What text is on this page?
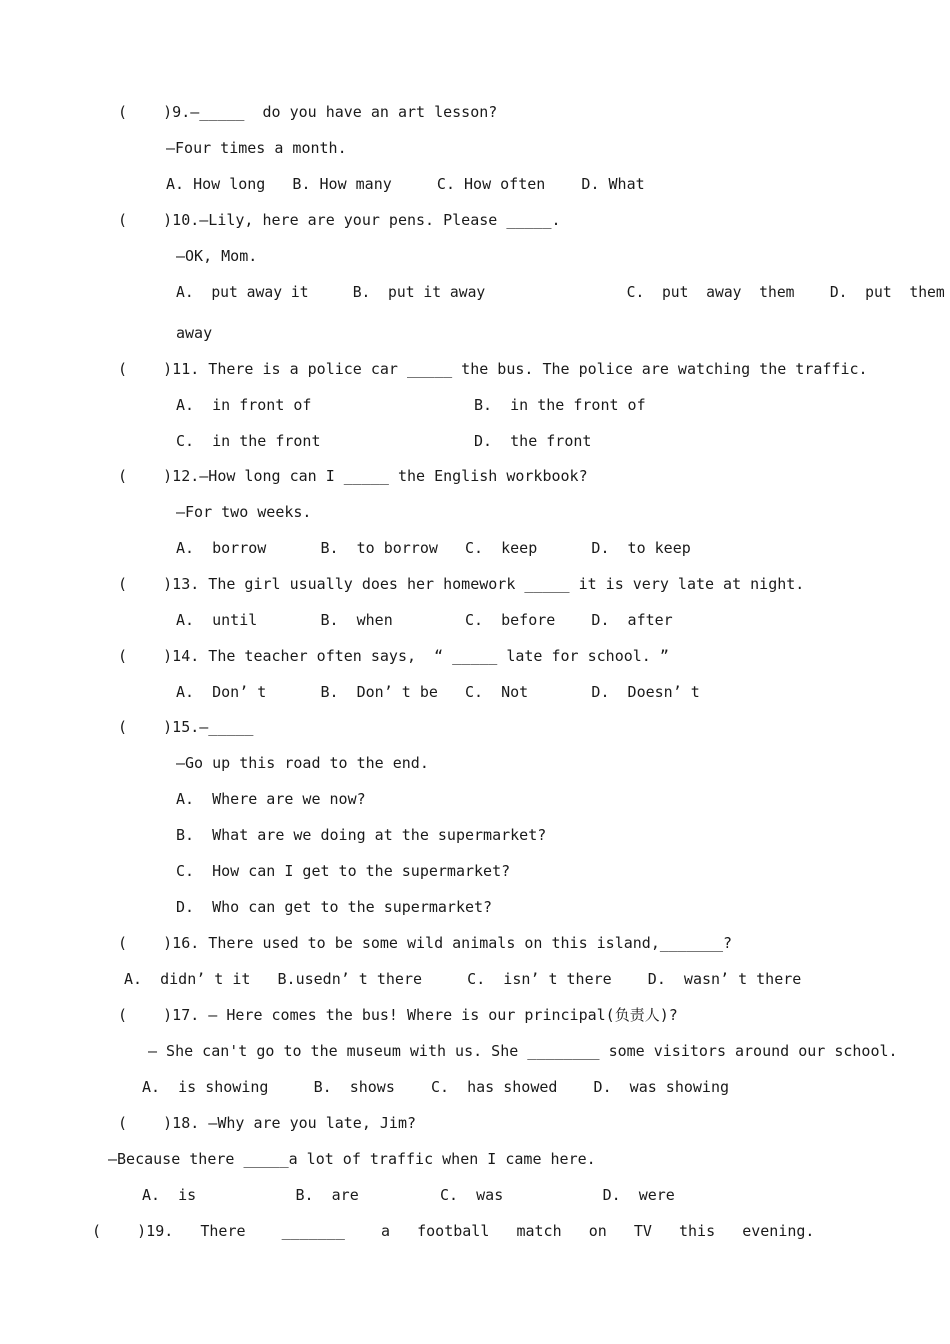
(    )9.—_____  do you have an art lesson?
—Four times a month.
A. How long   B. How many     C. How often    D. What
(    )10.—Lily, here are your pens. Please _____.
—OK, Mom.
A.  put away it     B.  put it away                C.  put  away  them    D.  put  them
away
(    )11. There is a police car _____ the bus. The police are watching the traffic.
A.  in front of                  B.  in the front of
C.  in the front                 D.  the front
(    )12.—How long can I _____ the English workbook?
—For two weeks.
A.  borrow      B.  to borrow   C.  keep      D.  to keep
(    )13. The girl usually does her homework _____ it is very late at night.
A.  until       B.  when        C.  before    D.  after
(    )14. The teacher often says,  “ _____ late for school. ”
A.  Don’ t      B.  Don’ t be   C.  Not       D.  Doesn’ t
(    )15.—_____
—Go up this road to the end.
A.  Where are we now?
B.  What are we doing at the supermarket?
C.  How can I get to the supermarket?
D.  Who can get to the supermarket?
(    )16. There used to be some wild animals on this island,_______?
A.  didn’ t it   B.usedn’ t there     C.  isn’ t there    D.  wasn’ t there
(    )17. — Here comes the bus! Where is our principal(负责人)?
— She can't go to the museum with us. She ________ some visitors around our school.
A.  is showing     B.  shows    C.  has showed    D.  was showing
(    )18. —Why are you late, Jim?
—Because there _____a lot of traffic when I came here.
A.  is           B.  are         C.  was           D.  were
(    )19.   There    _______    a   football   match   on   TV   this   evening.
